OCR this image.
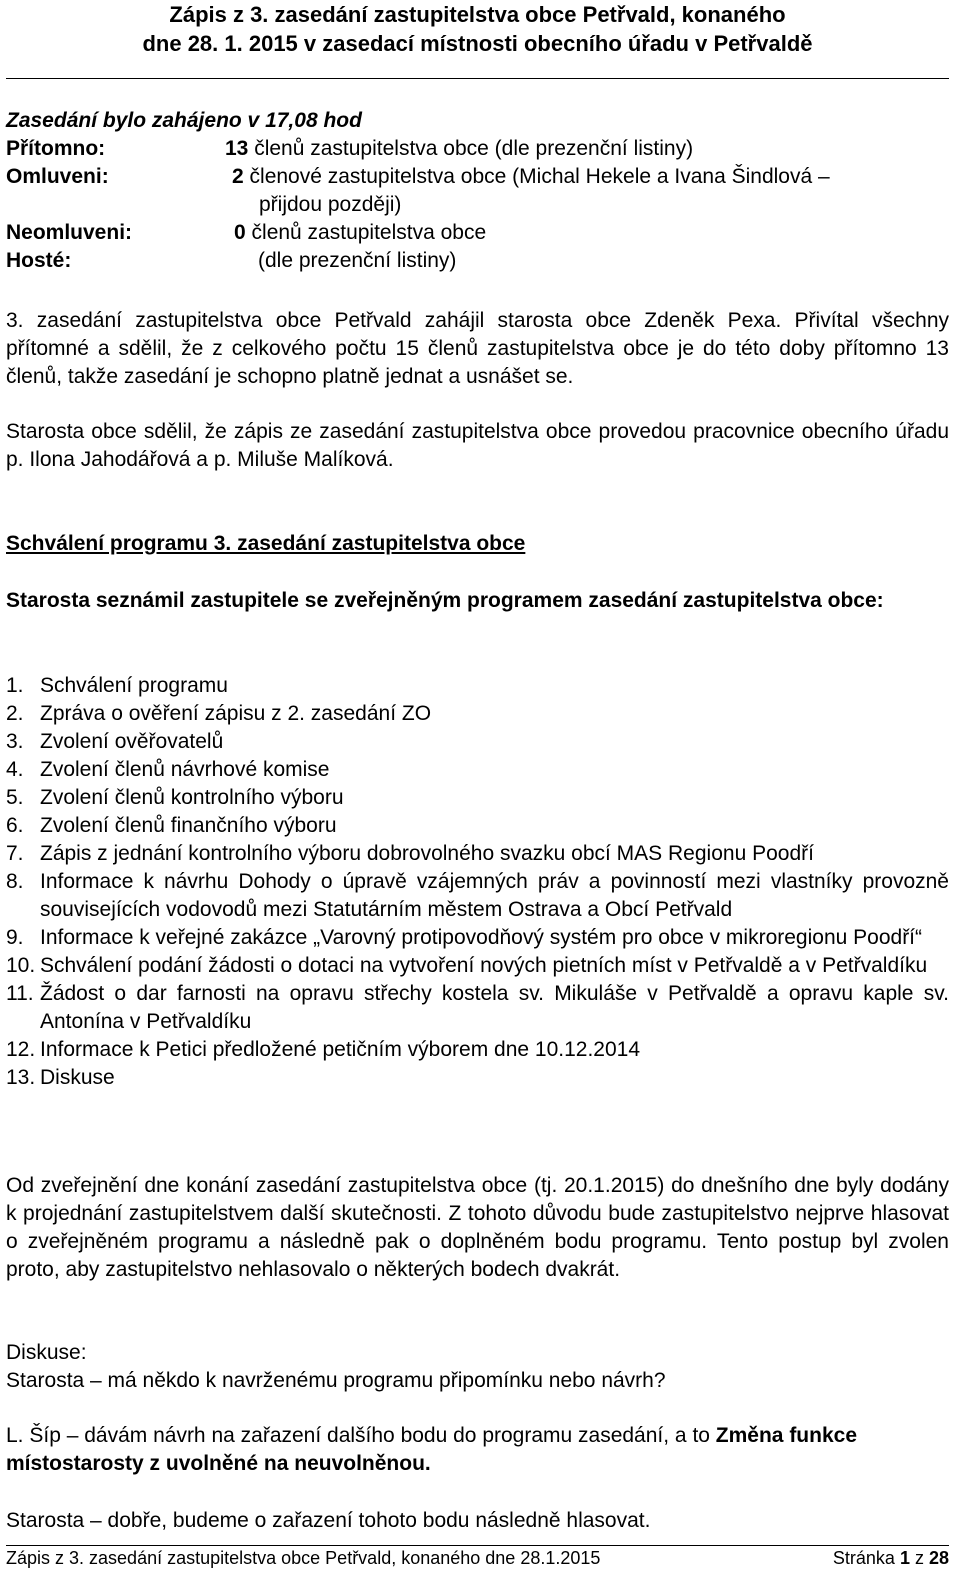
Zápis z 3. zasedání zastupitelstva obce Petřvald, konaného
dne 28. 1. 2015 v zasedací místnosti obecního úřadu v Petřvaldě
Zasedání bylo zahájeno v 17,08 hod
Přítomno:	13 členů zastupitelstva obce (dle prezenční listiny)
Omluveni:	2 členové zastupitelstva obce (Michal Hekele a Ivana Šindlová –
přijdou později)
Neomluveni:	0 členů zastupitelstva obce
Hosté:	(dle prezenční listiny)
3. zasedání zastupitelstva obce Petřvald zahájil starosta obce Zdeněk Pexa. Přivítal všechny přítomné a sdělil, že z celkového počtu 15 členů zastupitelstva obce je do této doby přítomno 13 členů, takže zasedání je schopno platně jednat a usnášet se.
Starosta obce sdělil, že zápis ze zasedání zastupitelstva obce provedou pracovnice obecního úřadu p. Ilona Jahodářová a p. Miluše Malíková.
Schválení programu 3. zasedání zastupitelstva obce
Starosta seznámil zastupitele se zveřejněným programem zasedání zastupitelstva obce:
1. Schválení programu
2. Zpráva o ověření zápisu z 2. zasedání ZO
3. Zvolení ověřovatelů
4. Zvolení členů návrhové komise
5. Zvolení členů kontrolního výboru
6. Zvolení členů finančního výboru
7. Zápis z jednání kontrolního výboru dobrovolného svazku obcí MAS Regionu Poodří
8. Informace k návrhu Dohody o úpravě vzájemných práv a povinností mezi vlastníky provozně souvisejících vodovodů mezi Statutárním městem Ostrava a Obcí Petřvald
9. Informace k veřejné zakázce „Varovný protipovodňový systém pro obce v mikroregionu Poodří“
10. Schválení podání žádosti o dotaci na vytvoření nových pietních míst v Petřvaldě a v Petřvaldíku
11. Žádost o dar farnosti na opravu střechy kostela sv. Mikuláše v Petřvaldě a opravu kaple sv. Antonína v Petřvaldíku
12. Informace k Petici předložené petičním výborem dne 10.12.2014
13. Diskuse
Od zveřejnění dne konání zasedání zastupitelstva obce (tj. 20.1.2015) do dnešního dne byly dodány k projednání zastupitelstvem další skutečnosti. Z tohoto důvodu bude zastupitelstvo nejprve hlasovat o zveřejněném programu a následně pak o doplněném bodu programu. Tento postup byl zvolen proto, aby zastupitelstvo nehlasovalo o některých bodech dvakrát.
Diskuse:
Starosta – má někdo k navrženému programu připomínku nebo návrh?
L. Šíp – dávám návrh na zařazení dalšího bodu do programu zasedání, a to Změna funkce místostarosty z uvolněné na neuvolněnou.
Starosta – dobře, budeme o zařazení tohoto bodu následně hlasovat.
Zápis z 3. zasedání zastupitelstva obce Petřvald, konaného dne 28.1.2015	Stránka 1 z 28
